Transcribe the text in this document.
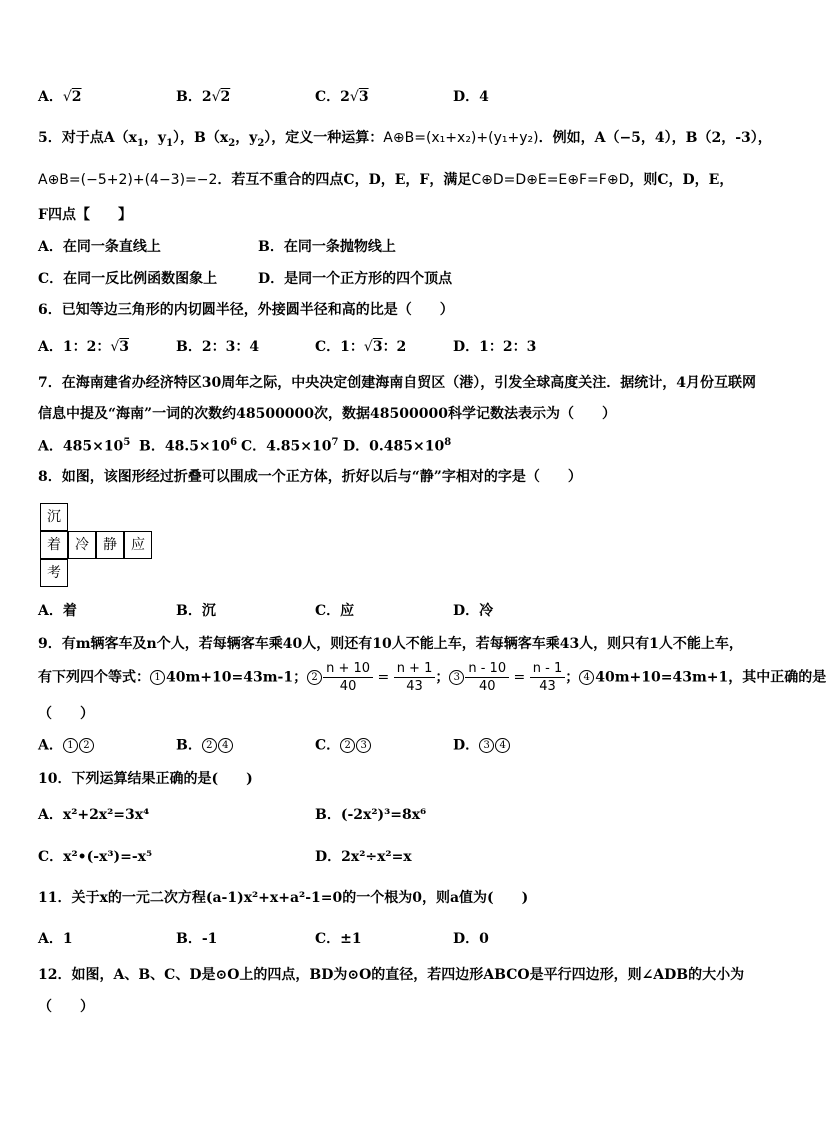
A．√2	B．2√2	C．2√3	D．4
5．对于点$A(x_1$，$y_1$），$B(x_2$，$y_2$），定义一种运算：A⊕B=(x₁+x₂)+(y₁+y₂)．例如，A（−5，4），B（2，-3），
A⊕B=(−5+2)+(4−3)=−2．若互不重合的四点C，D，E，F，满足C⊕D=D⊕E=E⊕F=F⊕D，则C，D，E，
F四点【　　】
A．在同一条直线上	B．在同一条抛物线上
C．在同一反比例函数图象上	D．是同一个正方形的四个顶点
6．已知等边三角形的内切圆半径，外接圆半径和高的比是（　　）
A．1：2：√3	B．2：3：4	C．1：√3：2	D．1：2：3
7．在海南建省办经济特区30周年之际，中央决定创建海南自贸区（港），引发全球高度关注．据统计，4月份互联网
信息中提及“海南”一词的次数约48500000次，数据48500000科学记数法表示为（　　）
A．$485\times 10^5$ B．$48.5\times 10^6$ C．$4.85\times 10^7$ D．$0.485\times 10^8$
8．如图，该图形经过折叠可以围成一个正方体，折好以后与“静”字相对的字是（　　）
沉
着	冷	静	应
考
A．着	B．沉	C．应	D．冷
9．有m辆客车及n个人，若每辆客车乘40人，则还有10人不能上车，若每辆客车乘43人，则只有1人不能上车，
有下列四个等式： 1 40m+10=43m-1； $2 \frac{n + 10}{40} = \frac{n + 1}{43}$ ； $3 \frac{n - 10}{40} = \frac{n - 1}{43}$ ； 4 40m+10=43m+1，其中正确的是
（　　）
A． 1 2	B． 2 4	C． 2 3	D． 3 4
10．下列运算结果正确的是(　　)
A．x²+2x²=3x⁴	B．(-2x²)³=8x⁶
C．x²•(-x³)=-x⁵	D．2x²÷x²=x
11．关于x的一元二次方程(a-1)x²+x+a²-1=0的一个根为0，则a值为(　　)
A．1	B．-1	C．±1	D．0
12．如图，A、B、C、D是⊙O上的四点，BD为⊙O的直径，若四边形ABCO是平行四边形，则∠ADB的大小为
（　　）
